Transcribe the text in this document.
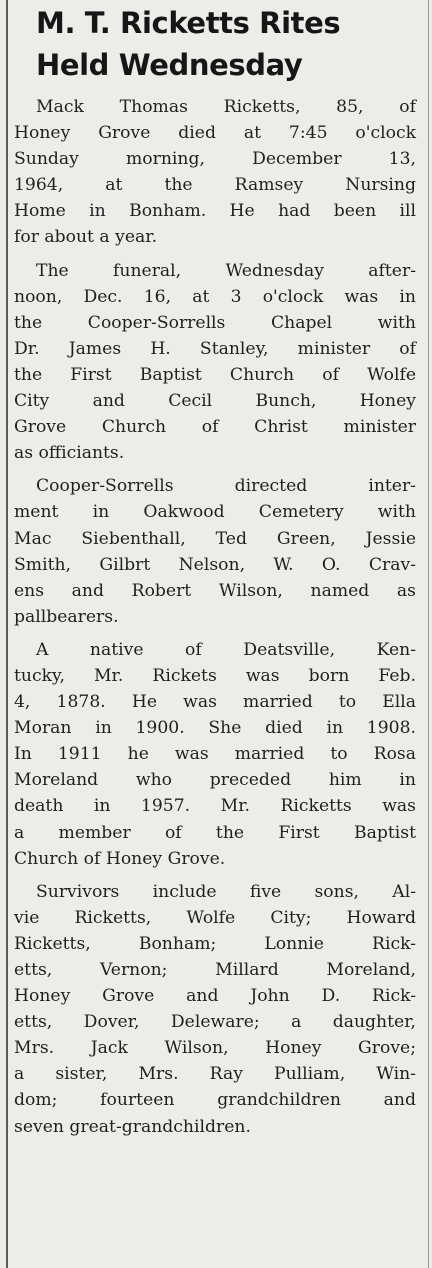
M. T. Ricketts Rites
Held Wednesday

Mack Thomas Ricketts, 85, of
Honey Grove died at 7:45 o'clock
Sunday morning, December 13,
1964, at the Ramsey Nursing
Home in Bonham. He had been ill
for about a year.

The funeral, Wednesday after-
noon, Dec. 16, at 3 o'clock was in
the Cooper-Sorrells Chapel with
Dr. James H. Stanley, minister of
the First Baptist Church of Wolfe
City and Cecil Bunch, Honey
Grove Church of Christ minister
as officiants.

Cooper-Sorrells directed inter-
ment in Oakwood Cemetery with
Mac Siebenthall, Ted Green, Jessie
Smith, Gilbrt Nelson, W. O. Crav-
ens and Robert Wilson, named as
pallbearers.

A native of Deatsville, Ken-
tucky, Mr. Rickets was born Feb.
4, 1878. He was married to Ella
Moran in 1900. She died in 1908.
In 1911 he was married to Rosa
Moreland who preceded him in
death in 1957. Mr. Ricketts was
a member of the First Baptist
Church of Honey Grove.

Survivors include five sons, Al-
vie Ricketts, Wolfe City; Howard
Ricketts, Bonham; Lonnie Rick-
etts, Vernon; Millard Moreland,
Honey Grove and John D. Rick-
etts, Dover, Deleware; a daughter,
Mrs. Jack Wilson, Honey Grove;
a sister, Mrs. Ray Pulliam, Win-
dom; fourteen grandchildren and
seven great-grandchildren.
